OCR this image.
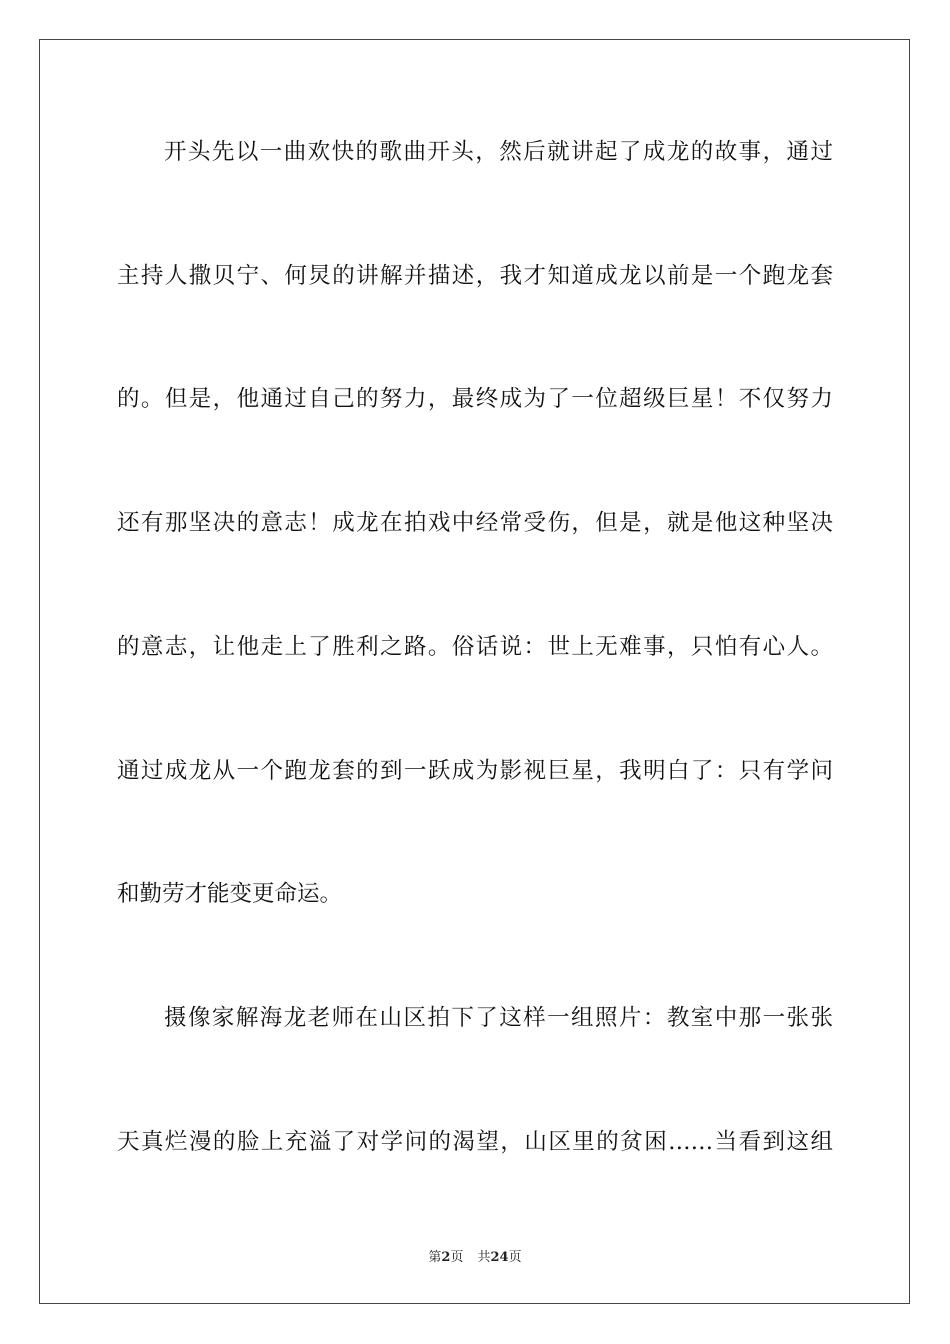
开头先以一曲欢快的歌曲开头，然后就讲起了成龙的故事，通过
主持人撒贝宁、何炅的讲解并描述，我才知道成龙以前是一个跑龙套
的。但是，他通过自己的努力，最终成为了一位超级巨星！不仅努力
还有那坚决的意志！成龙在拍戏中经常受伤，但是，就是他这种坚决
的意志，让他走上了胜利之路。俗话说：世上无难事，只怕有心人。
通过成龙从一个跑龙套的到一跃成为影视巨星，我明白了：只有学问
和勤劳才能变更命运。
摄像家解海龙老师在山区拍下了这样一组照片：教室中那一张张
天真烂漫的脸上充溢了对学问的渴望，山区里的贫困……当看到这组
第2页 共24页
